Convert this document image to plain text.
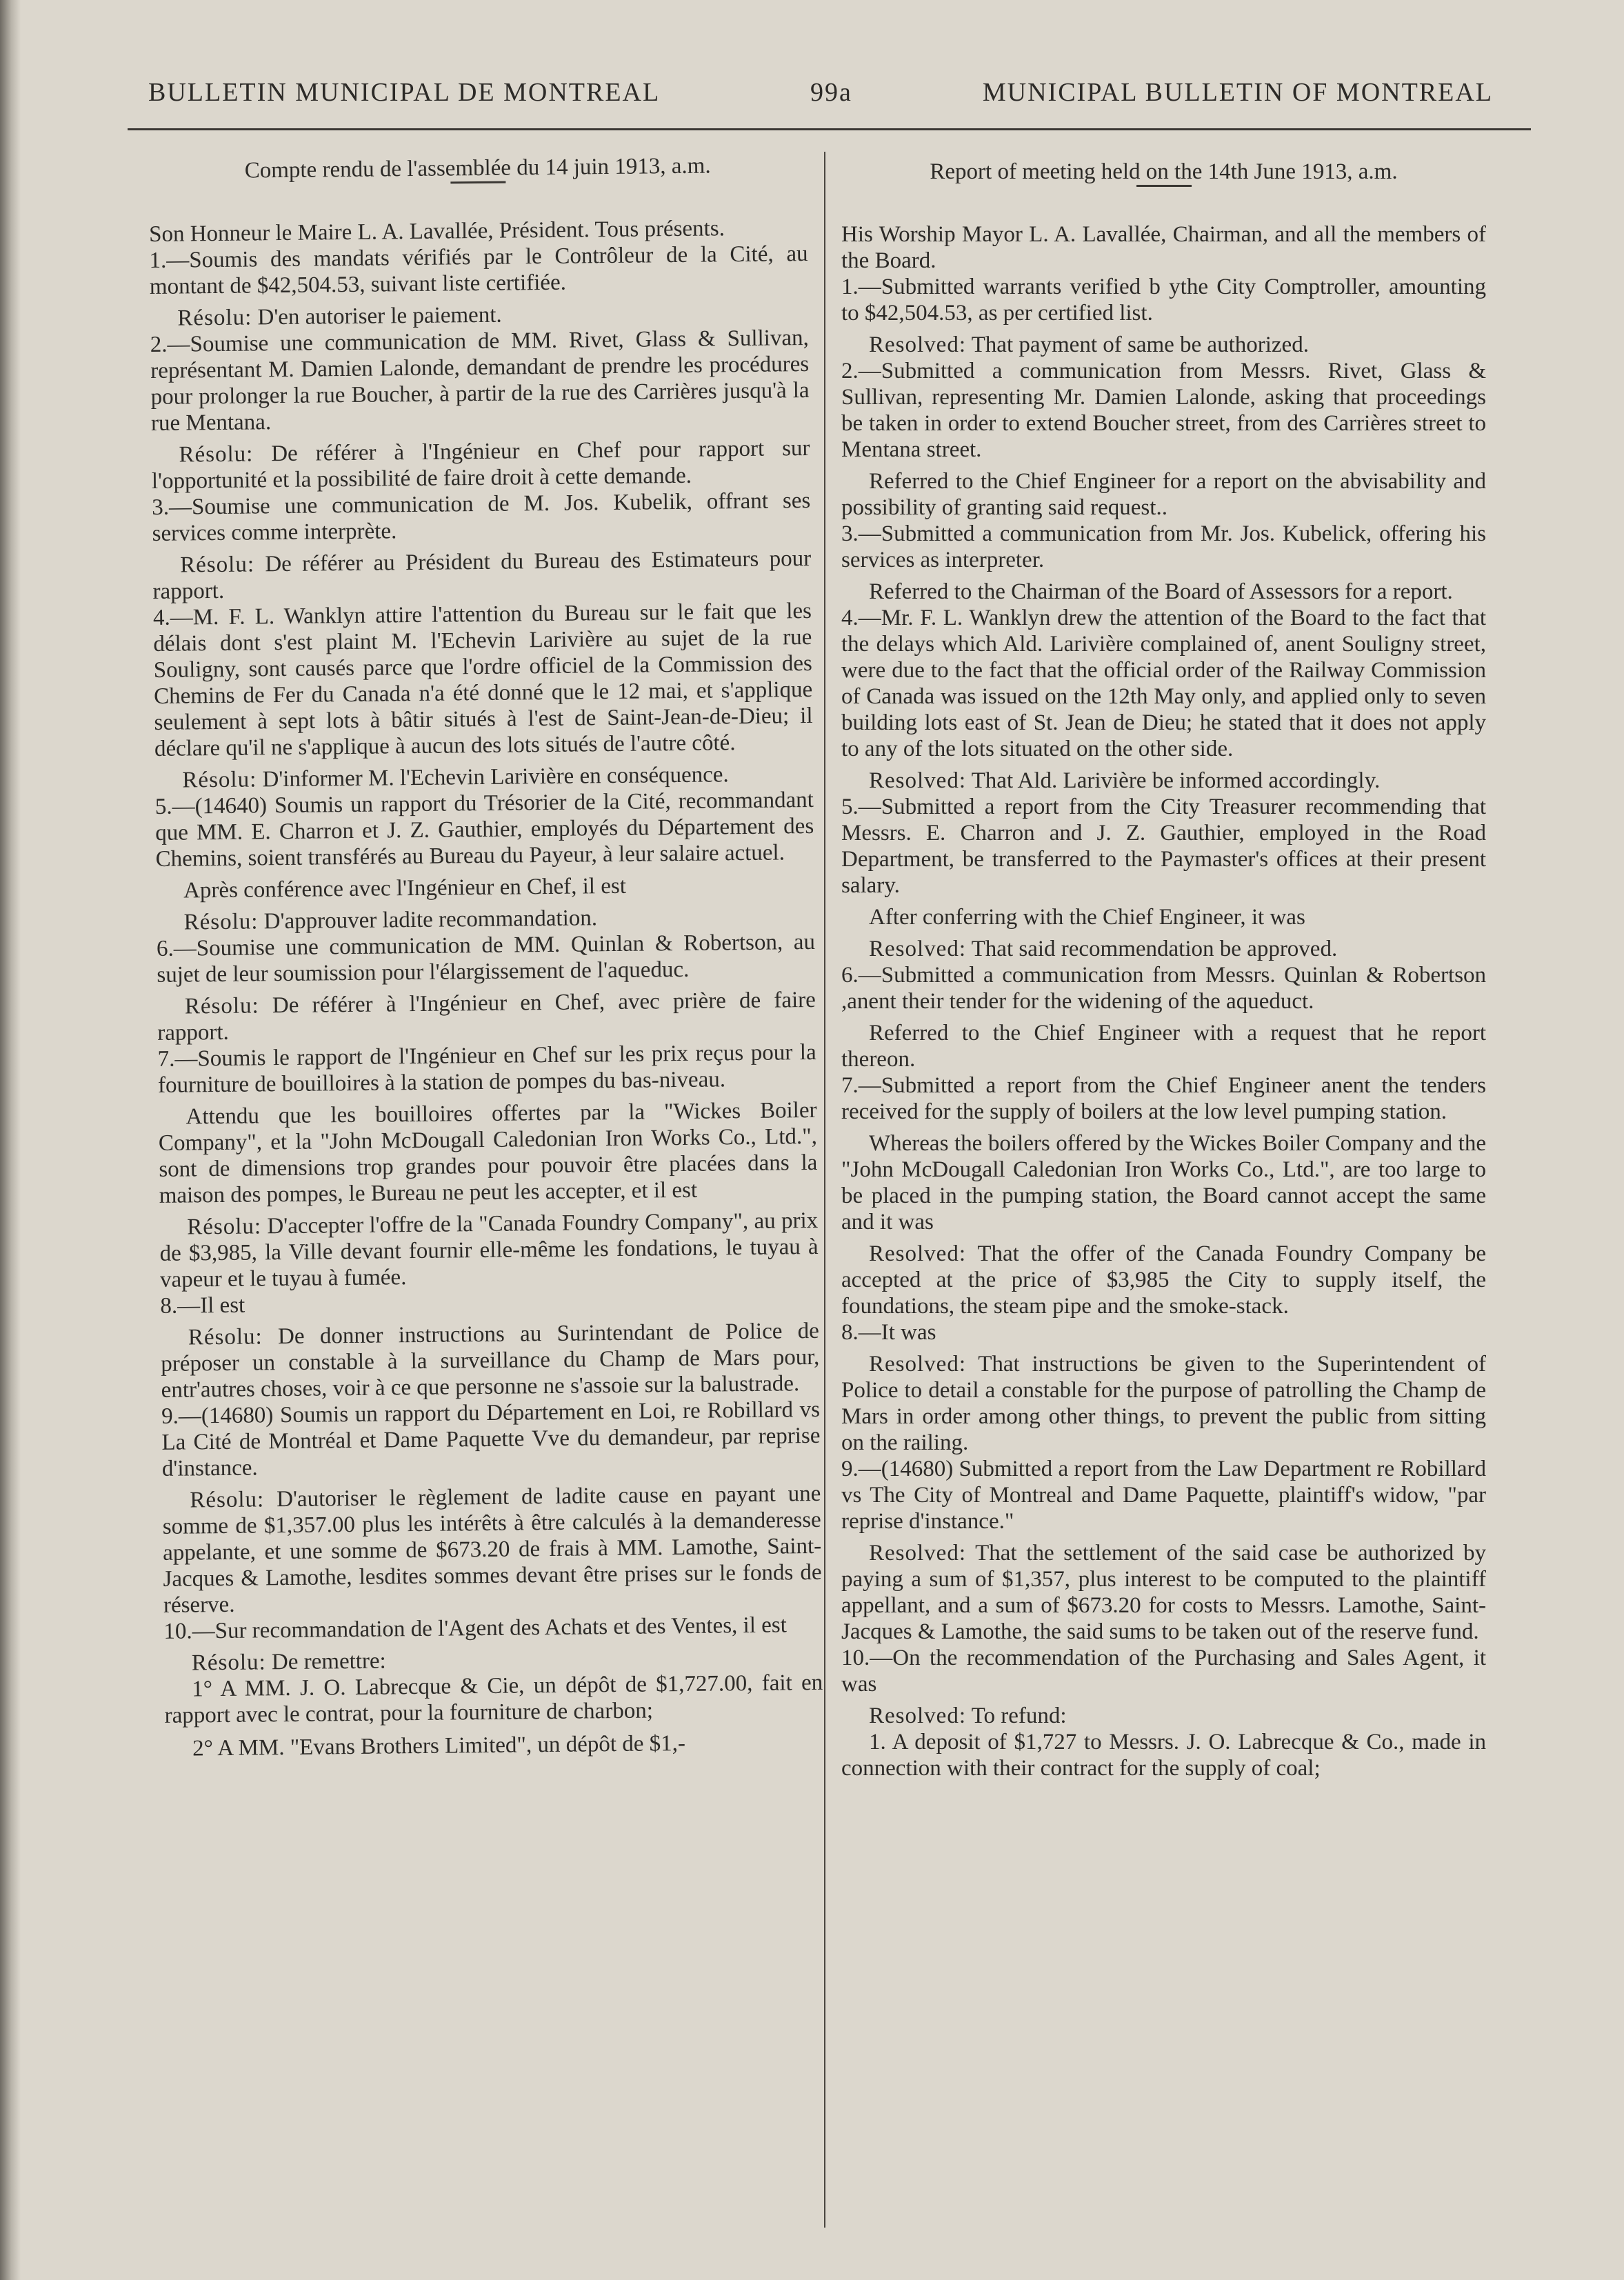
BULLETIN MUNICIPAL DE MONTREAL	99a	MUNICIPAL BULLETIN OF MONTREAL

Compte rendu de l'assemblée du 14 juin 1913, a.m.

Son Honneur le Maire L. A. Lavallée, Président. Tous présents.

1.—Soumis des mandats vérifiés par le Contrôleur de la Cité, au montant de $42,504.53, suivant liste certifiée.

Résolu: D'en autoriser le paiement.

2.—Soumise une communication de MM. Rivet, Glass & Sullivan, représentant M. Damien Lalonde, demandant de prendre les procédures pour prolonger la rue Boucher, à partir de la rue des Carrières jusqu'à la rue Mentana.

Résolu: De référer à l'Ingénieur en Chef pour rapport sur l'opportunité et la possibilité de faire droit à cette demande.

3.—Soumise une communication de M. Jos. Kubelik, offrant ses services comme interprète.

Résolu: De référer au Président du Bureau des Estimateurs pour rapport.

4.—M. F. L. Wanklyn attire l'attention du Bureau sur le fait que les délais dont s'est plaint M. l'Echevin Larivière au sujet de la rue Souligny, sont causés parce que l'ordre officiel de la Commission des Chemins de Fer du Canada n'a été donné que le 12 mai, et s'applique seulement à sept lots à bâtir situés à l'est de Saint-Jean-de-Dieu; il déclare qu'il ne s'applique à aucun des lots situés de l'autre côté.

Résolu: D'informer M. l'Echevin Larivière en conséquence.

5.—(14640) Soumis un rapport du Trésorier de la Cité, recommandant que MM. E. Charron et J. Z. Gauthier, employés du Département des Chemins, soient transférés au Bureau du Payeur, à leur salaire actuel.

Après conférence avec l'Ingénieur en Chef, il est

Résolu: D'approuver ladite recommandation.

6.—Soumise une communication de MM. Quinlan & Robertson, au sujet de leur soumission pour l'élargissement de l'aqueduc.

Résolu: De référer à l'Ingénieur en Chef, avec prière de faire rapport.

7.—Soumis le rapport de l'Ingénieur en Chef sur les prix reçus pour la fourniture de bouilloires à la station de pompes du bas-niveau.

Attendu que les bouilloires offertes par la "Wickes Boiler Company", et la "John McDougall Caledonian Iron Works Co., Ltd.", sont de dimensions trop grandes pour pouvoir être placées dans la maison des pompes, le Bureau ne peut les accepter, et il est

Résolu: D'accepter l'offre de la "Canada Foundry Company", au prix de $3,985, la Ville devant fournir elle-même les fondations, le tuyau à vapeur et le tuyau à fumée.

8.—Il est

Résolu: De donner instructions au Surintendant de Police de préposer un constable à la surveillance du Champ de Mars pour, entr'autres choses, voir à ce que personne ne s'assoie sur la balustrade.

9.—(14680) Soumis un rapport du Département en Loi, re Robillard vs La Cité de Montréal et Dame Paquette Vve du demandeur, par reprise d'instance.

Résolu: D'autoriser le règlement de ladite cause en payant une somme de $1,357.00 plus les intérêts à être calculés à la demanderesse appelante, et une somme de $673.20 de frais à MM. Lamothe, Saint-Jacques & Lamothe, lesdites sommes devant être prises sur le fonds de réserve.

10.—Sur recommandation de l'Agent des Achats et des Ventes, il est

Résolu: De remettre:

1° A MM. J. O. Labrecque & Cie, un dépôt de $1,727.00, fait en rapport avec le contrat, pour la fourniture de charbon;

2° A MM. "Evans Brothers Limited", un dépôt de $1,-

Report of meeting held on the 14th June 1913, a.m.

His Worship Mayor L. A. Lavallée, Chairman, and all the members of the Board.

1.—Submitted warrants verified b ythe City Comptroller, amounting to $42,504.53, as per certified list.

Resolved: That payment of same be authorized.

2.—Submitted a communication from Messrs. Rivet, Glass & Sullivan, representing Mr. Damien Lalonde, asking that proceedings be taken in order to extend Boucher street, from des Carrières street to Mentana street.

Referred to the Chief Engineer for a report on the abvisability and possibility of granting said request..

3.—Submitted a communication from Mr. Jos. Kubelick, offering his services as interpreter.

Referred to the Chairman of the Board of Assessors for a report.

4.—Mr. F. L. Wanklyn drew the attention of the Board to the fact that the delays which Ald. Larivière complained of, anent Souligny street, were due to the fact that the official order of the Railway Commission of Canada was issued on the 12th May only, and applied only to seven building lots east of St. Jean de Dieu; he stated that it does not apply to any of the lots situated on the other side.

Resolved: That Ald. Larivière be informed accordingly.

5.—Submitted a report from the City Treasurer recommending that Messrs. E. Charron and J. Z. Gauthier, employed in the Road Department, be transferred to the Paymaster's offices at their present salary.

After conferring with the Chief Engineer, it was

Resolved: That said recommendation be approved.

6.—Submitted a communication from Messrs. Quinlan & Robertson ,anent their tender for the widening of the aqueduct.

Referred to the Chief Engineer with a request that he report thereon.

7.—Submitted a report from the Chief Engineer anent the tenders received for the supply of boilers at the low level pumping station.

Whereas the boilers offered by the Wickes Boiler Company and the "John McDougall Caledonian Iron Works Co., Ltd.", are too large to be placed in the pumping station, the Board cannot accept the same and it was

Resolved: That the offer of the Canada Foundry Company be accepted at the price of $3,985 the City to supply itself, the foundations, the steam pipe and the smoke-stack.

8.—It was

Resolved: That instructions be given to the Superintendent of Police to detail a constable for the purpose of patrolling the Champ de Mars in order among other things, to prevent the public from sitting on the railing.

9.—(14680) Submitted a report from the Law Department re Robillard vs The City of Montreal and Dame Paquette, plaintiff's widow, "par reprise d'instance."

Resolved: That the settlement of the said case be authorized by paying a sum of $1,357, plus interest to be computed to the plaintiff appellant, and a sum of $673.20 for costs to Messrs. Lamothe, Saint-Jacques & Lamothe, the said sums to be taken out of the reserve fund.

10.—On the recommendation of the Purchasing and Sales Agent, it was

Resolved: To refund:

1. A deposit of $1,727 to Messrs. J. O. Labrecque & Co., made in connection with their contract for the supply of coal;
